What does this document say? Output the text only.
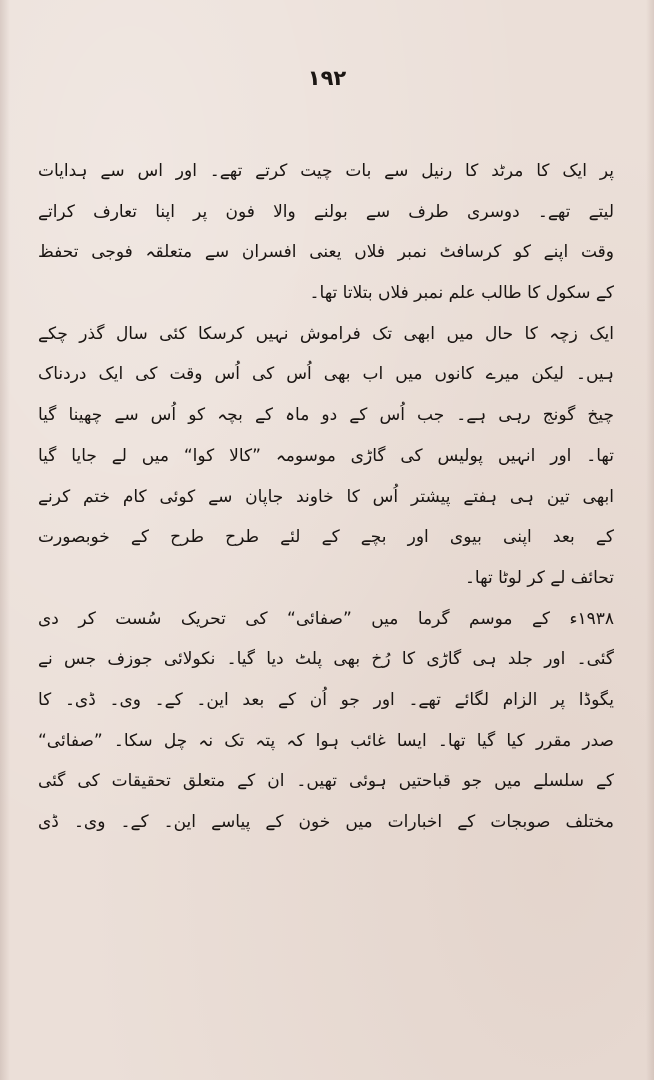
۱۹۲
پر ایک کا مرٹد کا رنیل سے بات چیت کرتے تھے۔ اور اس سے ہدایات
لیتے تھے۔ دوسری طرف سے بولنے والا فون پر اپنا تعارف کراتے
وقت اپنے کو کرسافٹ نمبر فلاں یعنی افسران سے متعلقہ فوجی تحفظ
کے سکول کا طالب علم نمبر فلاں بتلاتا تھا۔
ایک زچہ کا حال میں ابھی تک فراموش نہیں کرسکا کئی سال گذر چکے
ہیں۔ لیکن میرے کانوں میں اب بھی اُس کی اُس وقت کی ایک دردناک
چیخ گونج رہی ہے۔ جب اُس کے دو ماہ کے بچہ کو اُس سے چھینا گیا
تھا۔ اور انہیں پولیس کی گاڑی موسومہ ”کالا کوا“ میں لے جایا گیا
ابھی تین ہی ہفتے پیشتر اُس کا خاوند جاپان سے کوئی کام ختم کرنے
کے بعد اپنی بیوی اور بچے کے لئے طرح طرح کے خوبصورت
تحائف لے کر لوٹا تھا۔
۱۹۳۸ء کے موسم گرما میں ”صفائی“ کی تحریک سُست کر دی
گئی۔ اور جلد ہی گاڑی کا رُخ بھی پلٹ دیا گیا۔ نکولائی جوزف جس نے
یگوڈا پر الزام لگائے تھے۔ اور جو اُن کے بعد این۔ کے۔ وی۔ ڈی۔ کا
صدر مقرر کیا گیا تھا۔ ایسا غائب ہوا کہ پتہ تک نہ چل سکا۔ ”صفائی“
کے سلسلے میں جو قباحتیں ہوئی تھیں۔ ان کے متعلق تحقیقات کی گئی
مختلف صوبجات کے اخبارات میں خون کے پیاسے این۔ کے۔ وی۔ ڈی
